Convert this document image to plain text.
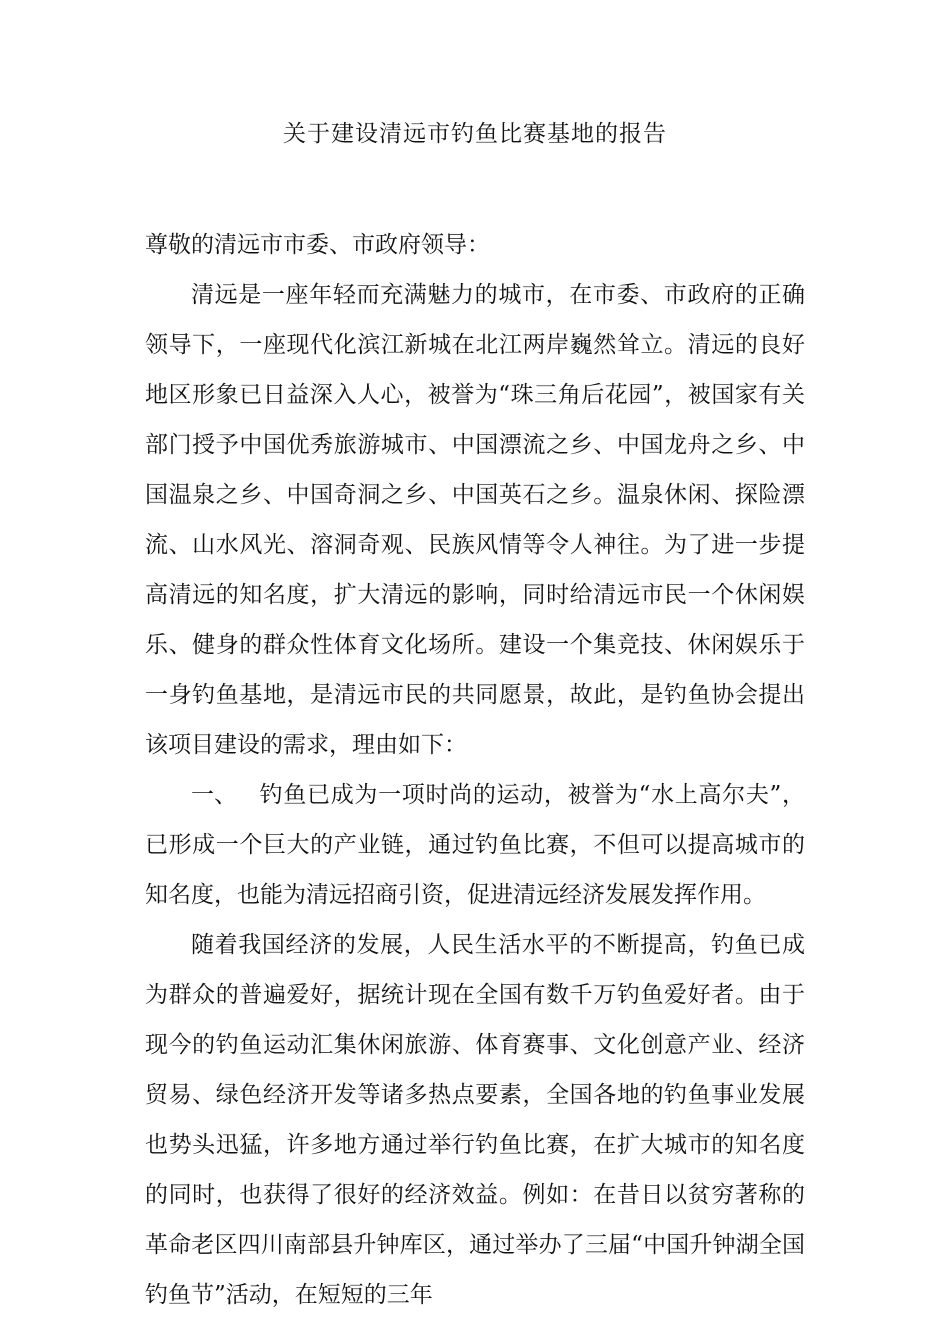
关于建设清远市钓鱼比赛基地的报告

尊敬的清远市市委、市政府领导：

清远是一座年轻而充满魅力的城市，在市委、市政府的正确领导下，一座现代化滨江新城在北江两岸巍然耸立。清远的良好地区形象已日益深入人心，被誉为“珠三角后花园”，被国家有关部门授予中国优秀旅游城市、中国漂流之乡、中国龙舟之乡、中国温泉之乡、中国奇洞之乡、中国英石之乡。温泉休闲、探险漂流、山水风光、溶洞奇观、民族风情等令人神往。为了进一步提高清远的知名度，扩大清远的影响，同时给清远市民一个休闲娱乐、健身的群众性体育文化场所。建设一个集竞技、休闲娱乐于一身钓鱼基地，是清远市民的共同愿景，故此，是钓鱼协会提出该项目建设的需求，理由如下：

一、 钓鱼已成为一项时尚的运动，被誉为“水上高尔夫”，已形成一个巨大的产业链，通过钓鱼比赛，不但可以提高城市的知名度，也能为清远招商引资，促进清远经济发展发挥作用。

随着我国经济的发展，人民生活水平的不断提高，钓鱼已成为群众的普遍爱好，据统计现在全国有数千万钓鱼爱好者。由于现今的钓鱼运动汇集休闲旅游、体育赛事、文化创意产业、经济贸易、绿色经济开发等诸多热点要素，全国各地的钓鱼事业发展也势头迅猛，许多地方通过举行钓鱼比赛，在扩大城市的知名度的同时，也获得了很好的经济效益。例如：在昔日以贫穷著称的革命老区四川南部县升钟库区，通过举办了三届“中国升钟湖全国钓鱼节”活动，在短短的三年
